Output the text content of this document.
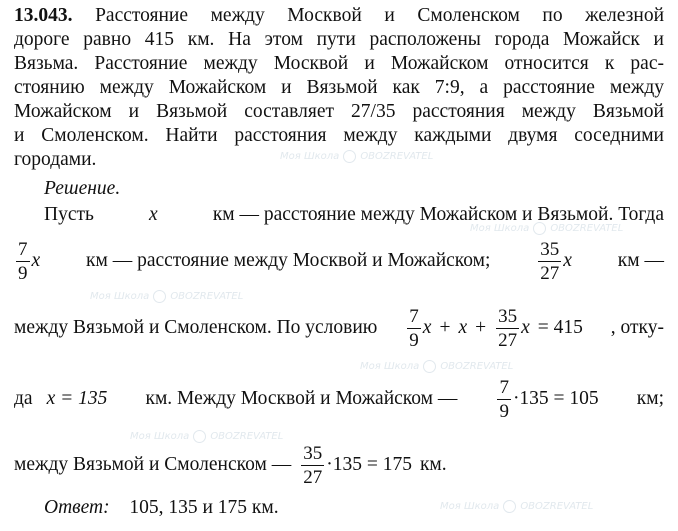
13.043. Расстояние между Москвой и Смоленском по железной
дороге равно 415 км. На этом пути расположены города Можайск и
Вязьма. Расстояние между Москвой и Можайском относится к рас-
стоянию между Можайском и Вязьмой как 7:9, а расстояние между
Можайском и Вязьмой составляет 27/35 расстояния между Вязьмой
и Смоленском. Найти расстояния между каждыми двумя соседними
городами.
Решение.
Пусть	x	км — расстояние между Можайском и Вязьмой. Тогда
$\frac{7}{9}$ x км — расстояние между Москвой и Можайском;	$\frac{35}{27}$ x км —
между Вязьмой и Смоленском. По условию $\frac{7}{9}$ $x + x + \frac{35}{27}$ x = 415 , отку-
да x = 135 км. Между Москвой и Можайском — $\frac{7}{9} \cdot 135 = 105$ км;
между Вязьмой и Смоленском — $\frac{35}{27} \cdot 135 = 175$ км.
Ответ: 105, 135 и 175 км.
Моя Школа OBOZREVATEL
Моя Школа OBOZREVATEL
Моя Школа OBOZREVATEL
Моя Школа OBOZREVATEL
Моя Школа OBOZREVATEL
Моя Школа OBOZREVATEL
